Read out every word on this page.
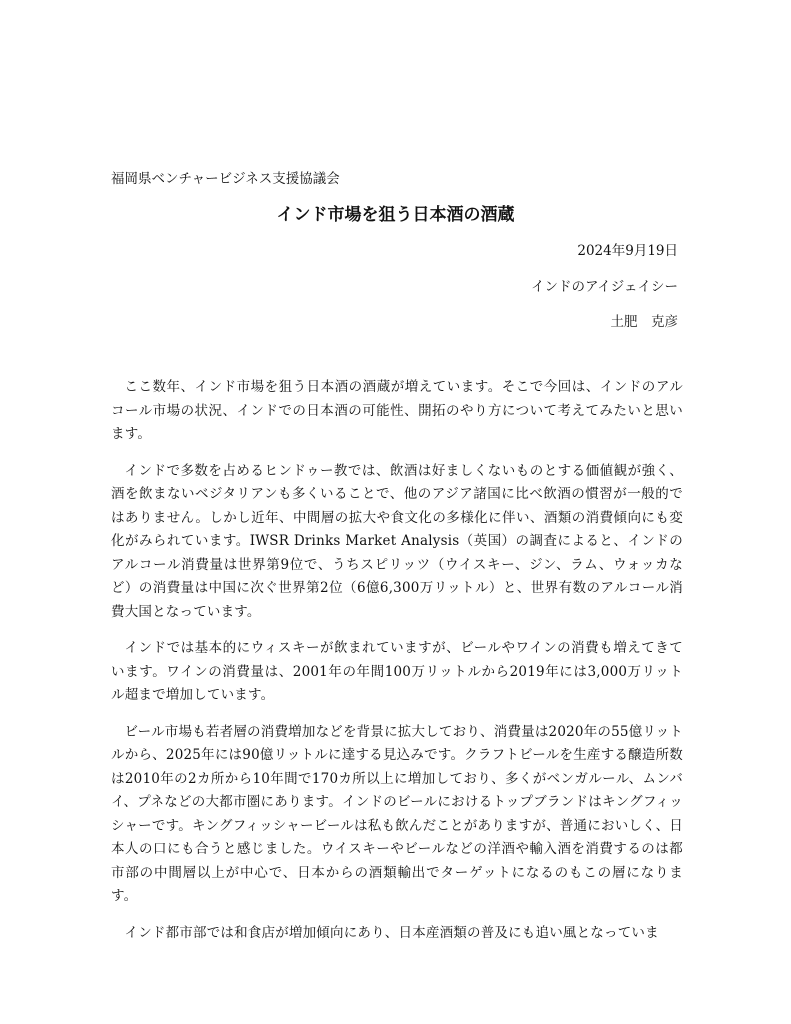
福岡県ベンチャービジネス支援協議会
インド市場を狙う日本酒の酒蔵
2024年9月19日
インドのアイジェイシー
土肥　克彦

ここ数年、インド市場を狙う日本酒の酒蔵が増えています。そこで今回は、インドのアルコール市場の状況、インドでの日本酒の可能性、開拓のやり方について考えてみたいと思います。

インドで多数を占めるヒンドゥー教では、飲酒は好ましくないものとする価値観が強く、酒を飲まないベジタリアンも多くいることで、他のアジア諸国に比べ飲酒の慣習が一般的ではありません。しかし近年、中間層の拡大や食文化の多様化に伴い、酒類の消費傾向にも変化がみられています。IWSR Drinks Market Analysis（英国）の調査によると、インドのアルコール消費量は世界第9位で、うちスピリッツ（ウイスキー、ジン、ラム、ウォッカなど）の消費量は中国に次ぐ世界第2位（6億6,300万リットル）と、世界有数のアルコール消費大国となっています。

インドでは基本的にウィスキーが飲まれていますが、ビールやワインの消費も増えてきています。ワインの消費量は、2001年の年間100万リットルから2019年には3,000万リットル超まで増加しています。

ビール市場も若者層の消費増加などを背景に拡大しており、消費量は2020年の55億リットルから、2025年には90億リットルに達する見込みです。クラフトビールを生産する醸造所数は2010年の2カ所から10年間で170カ所以上に増加しており、多くがベンガルール、ムンバイ、プネなどの大都市圏にあります。インドのビールにおけるトップブランドはキングフィッシャーです。キングフィッシャービールは私も飲んだことがありますが、普通においしく、日本人の口にも合うと感じました。ウイスキーやビールなどの洋酒や輸入酒を消費するのは都市部の中間層以上が中心で、日本からの酒類輸出でターゲットになるのもこの層になります。

インド都市部では和食店が増加傾向にあり、日本産酒類の普及にも追い風となっていま
